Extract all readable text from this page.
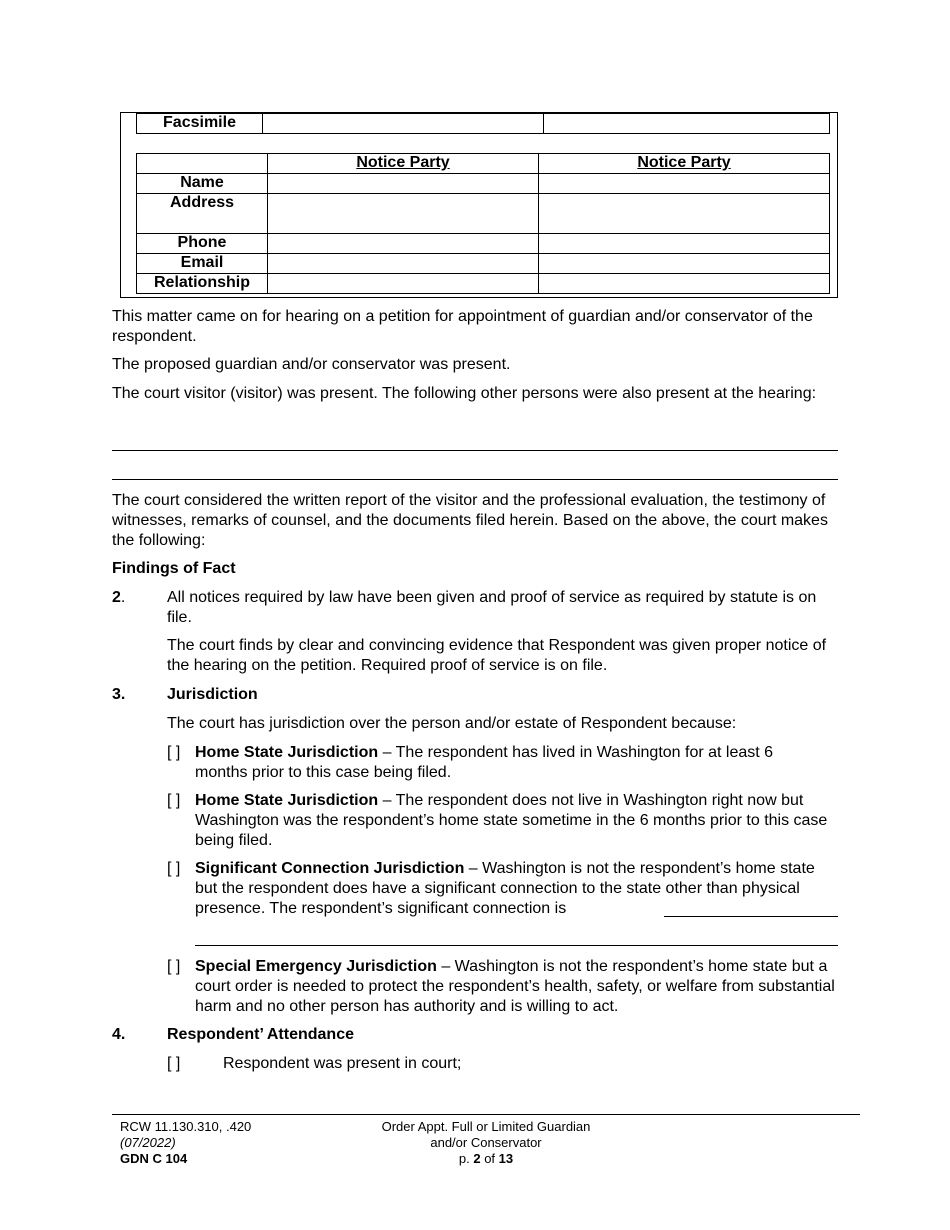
Facsimile		
	Notice Party	Notice Party
Name		
Address		
Phone		
Email		
Relationship		

This matter came on for hearing on a petition for appointment of guardian and/or conservator of the respondent.

The proposed guardian and/or conservator was present.

The court visitor (visitor) was present. The following other persons were also present at the hearing:

The court considered the written report of the visitor and the professional evaluation, the testimony of witnesses, remarks of counsel, and the documents filed herein. Based on the above, the court makes the following:

Findings of Fact
2.	All notices required by law have been given and proof of service as required by statute is on file.

The court finds by clear and convincing evidence that Respondent was given proper notice of the hearing on the petition. Required proof of service is on file.

3.	Jurisdiction

The court has jurisdiction over the person and/or estate of Respondent because:

[ ] Home State Jurisdiction – The respondent has lived in Washington for at least 6 months prior to this case being filed.

[ ] Home State Jurisdiction – The respondent does not live in Washington right now but Washington was the respondent’s home state sometime in the 6 months prior to this case being filed.

[ ] Significant Connection Jurisdiction – Washington is not the respondent’s home state but the respondent does have a significant connection to the state other than physical presence. The respondent’s significant connection is

[ ] Special Emergency Jurisdiction – Washington is not the respondent’s home state but a court order is needed to protect the respondent’s health, safety, or welfare from substantial harm and no other person has authority and is willing to act.

4.	Respondent’ Attendance
[ ]	Respondent was present in court;
RCW 11.130.310, .420
(07/2022)
GDN C 104
Order Appt. Full or Limited Guardian
and/or Conservator
p. 2 of 13
